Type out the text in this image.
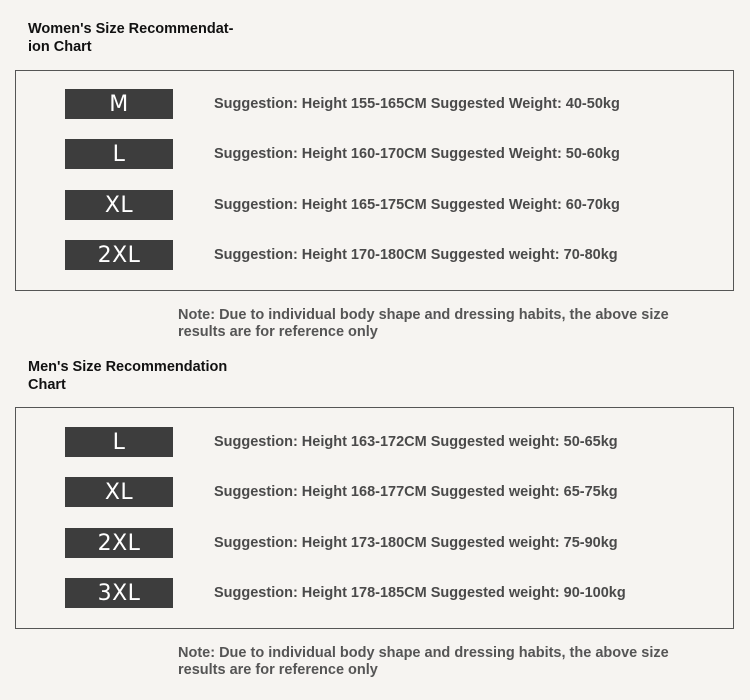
Women's Size Recommendat-
ion Chart
M	Suggestion: Height 155-165CM Suggested Weight: 40-50kg
L	Suggestion: Height 160-170CM Suggested Weight: 50-60kg
XL	Suggestion: Height 165-175CM Suggested Weight: 60-70kg
2XL	Suggestion: Height 170-180CM Suggested weight: 70-80kg
Note: Due to individual body shape and dressing habits, the above size
results are for reference only
Men's Size Recommendation
Chart
L	Suggestion: Height 163-172CM Suggested weight: 50-65kg
XL	Suggestion: Height 168-177CM Suggested weight: 65-75kg
2XL	Suggestion: Height 173-180CM Suggested weight: 75-90kg
3XL	Suggestion: Height 178-185CM Suggested weight: 90-100kg
Note: Due to individual body shape and dressing habits, the above size
results are for reference only
